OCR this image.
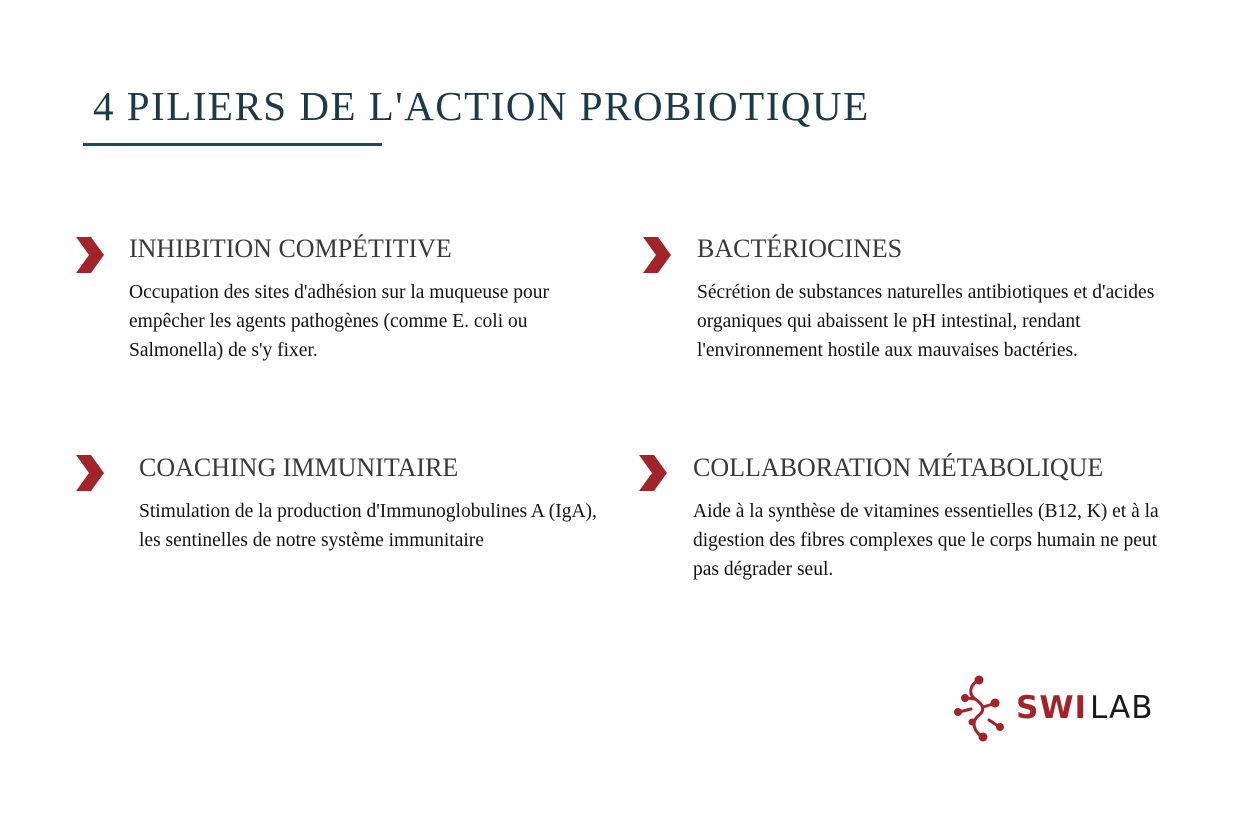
4 PILIERS DE L'ACTION PROBIOTIQUE
INHIBITION COMPÉTITIVE

Occupation des sites d'adhésion sur la muqueuse pour empêcher les agents pathogènes (comme E. coli ou Salmonella) de s'y fixer.

BACTÉRIOCINES

Sécrétion de substances naturelles antibiotiques et d'acides organiques qui abaissent le pH intestinal, rendant l'environnement hostile aux mauvaises bactéries.

COACHING IMMUNITAIRE

Stimulation de la production d'Immunoglobulines A (IgA), les sentinelles de notre système immunitaire

COLLABORATION MÉTABOLIQUE

Aide à la synthèse de vitamines essentielles (B12, K) et à la digestion des fibres complexes que le corps humain ne peut pas dégrader seul.

SWI LAB
